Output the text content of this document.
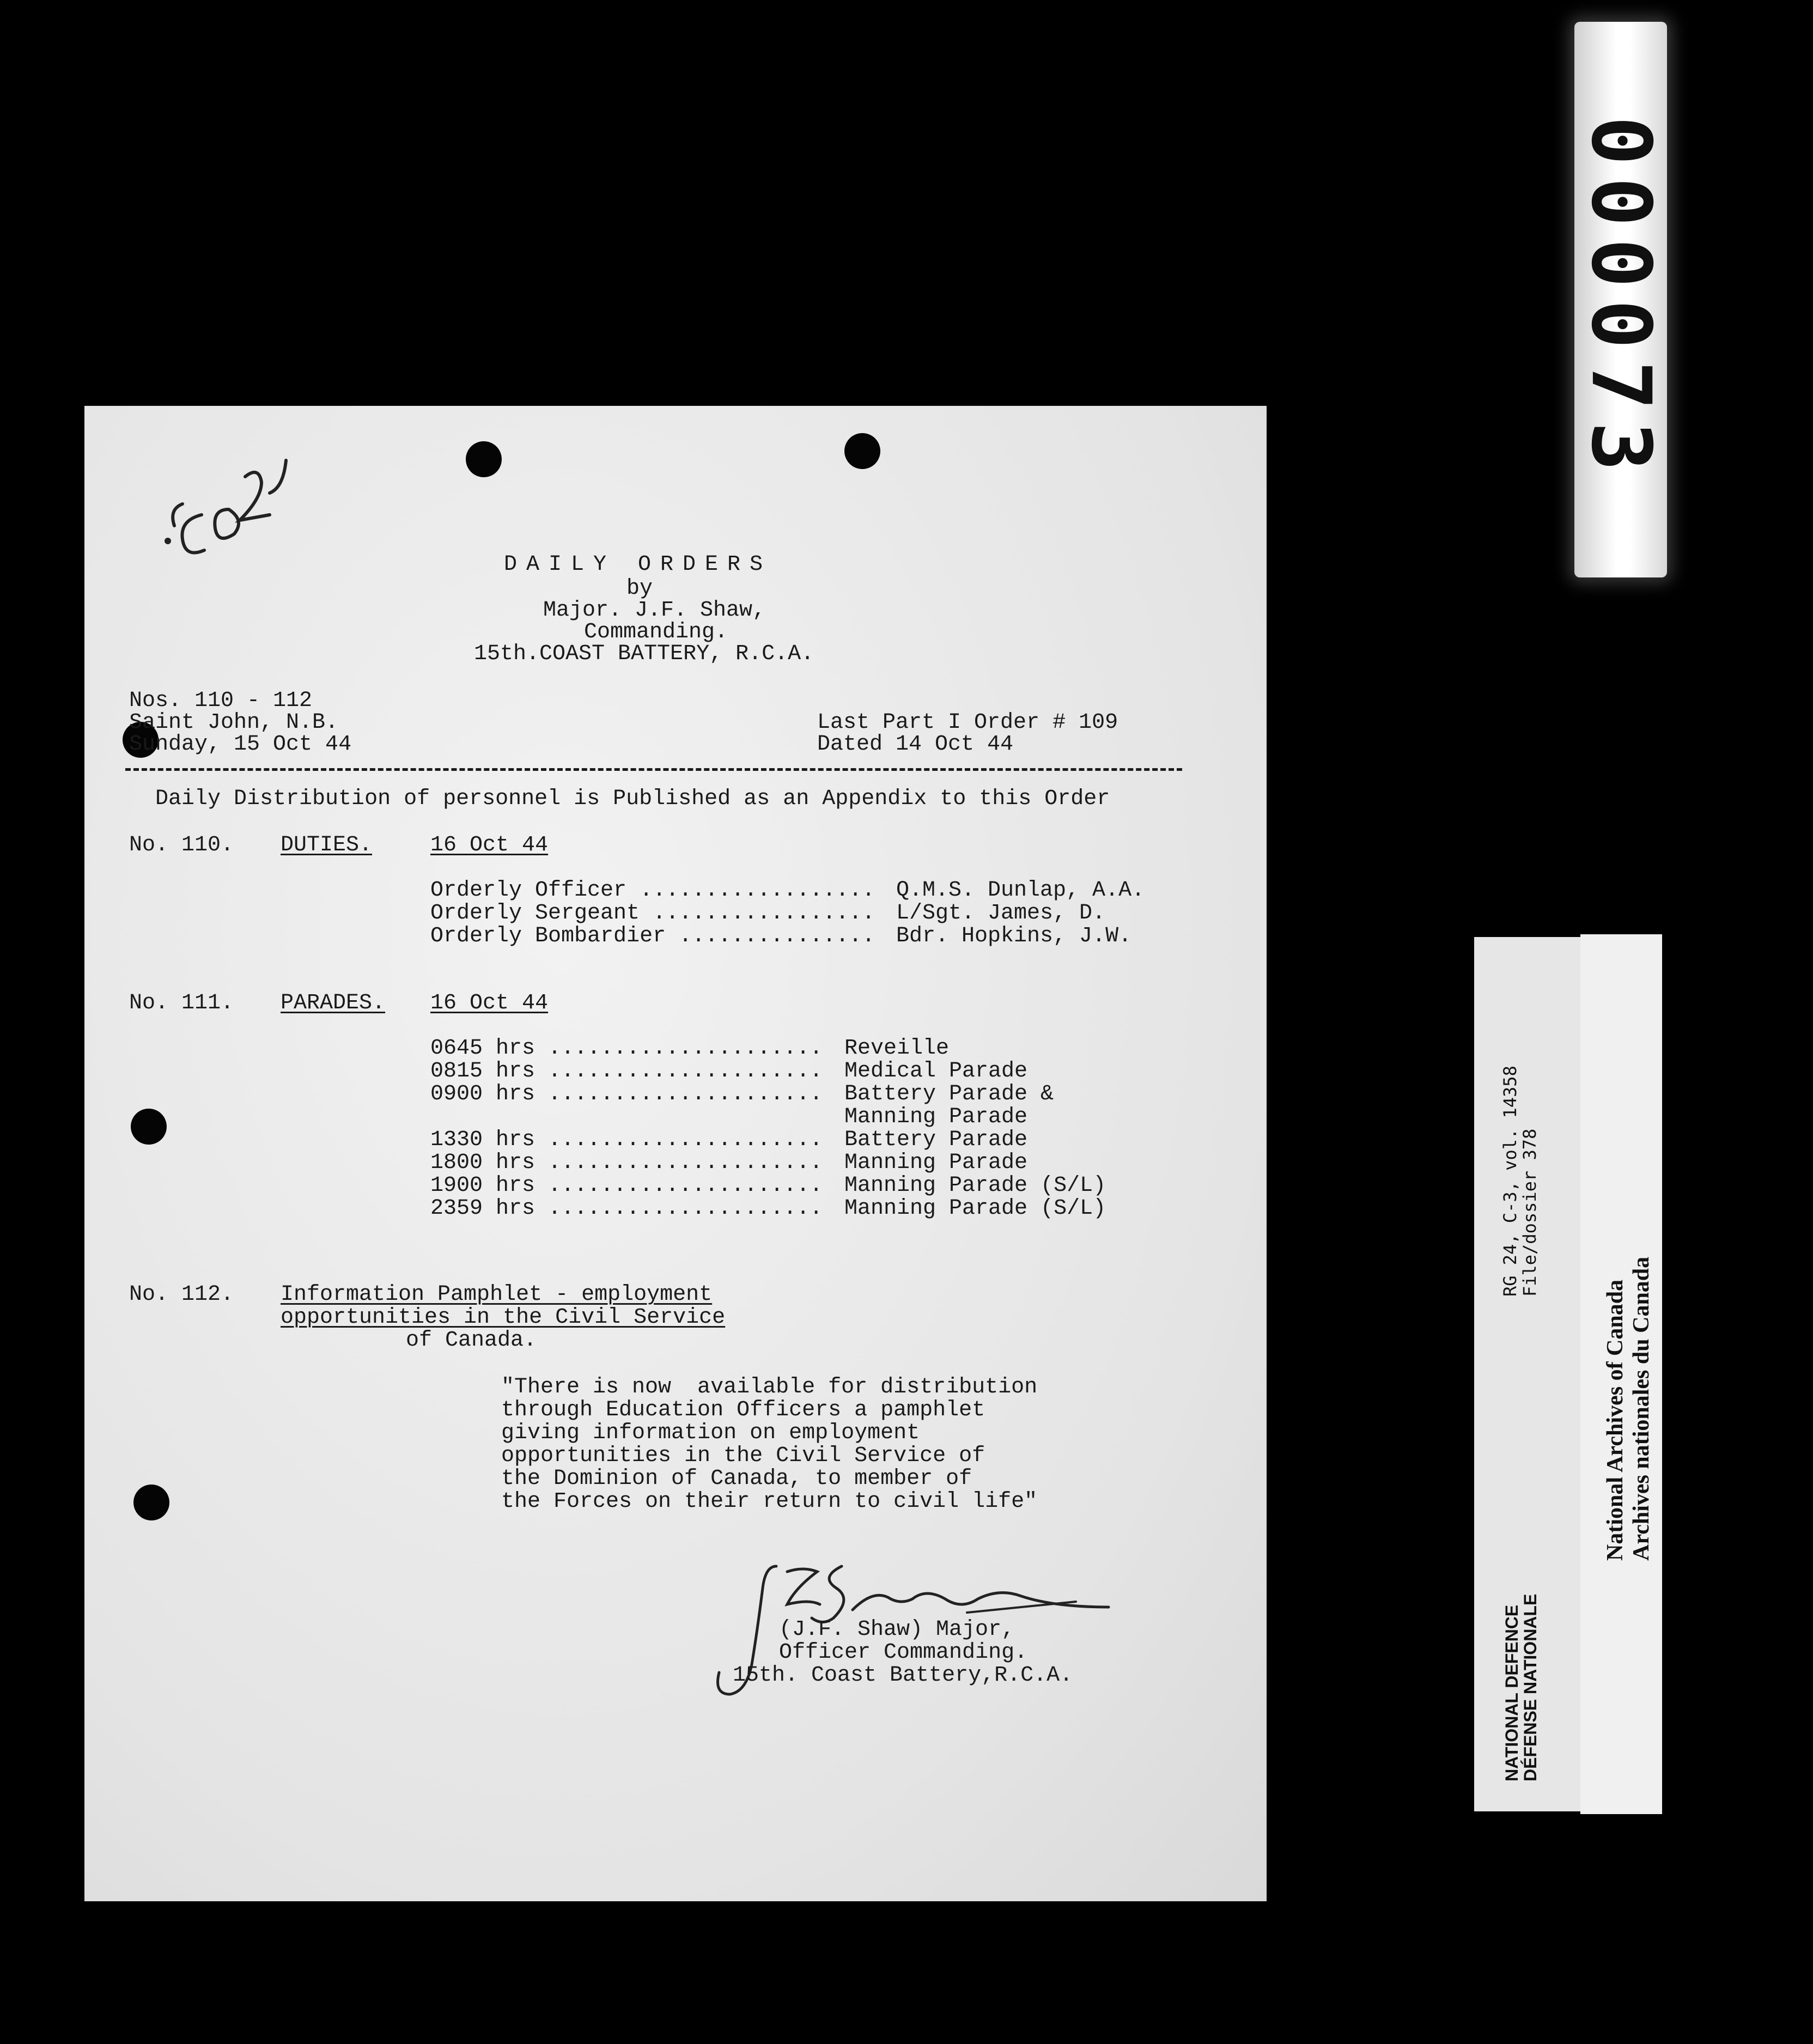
000073
NATIONAL DEFENCE
DÉFENSE NATIONALE
RG 24, C-3, vol. 14358
File/dossier 378
National Archives of Canada Archives nationales du Canada
DAILY ORDERS
by
Major. J.F. Shaw,
Commanding.
15th.COAST BATTERY, R.C.A.
Nos. 110 - 112
Saint John, N.B.
Sunday, 15 Oct 44
Last Part I Order # 109
Dated 14 Oct 44
Daily Distribution of personnel is Published as an Appendix to this Order
No. 110. DUTIES.	16 Oct 44
Orderly Officer .................. Q.M.S. Dunlap, A.A.
Orderly Sergeant ................. L/Sgt. James, D.
Orderly Bombardier ............... Bdr. Hopkins, J.W.
No. 111. PARADES. 16 Oct 44
0645 hrs ..................... Reveille
0815 hrs ..................... Medical Parade
0900 hrs ..................... Battery Parade &
Manning Parade
1330 hrs ..................... Battery Parade
1800 hrs ..................... Manning Parade
1900 hrs ..................... Manning Parade (S/L)
2359 hrs ..................... Manning Parade (S/L)
No. 112. Information Pamphlet - employment
opportunities in the Civil Service
of Canada.
"There is now  available for distribution
through Education Officers a pamphlet
giving information on employment
opportunities in the Civil Service of
the Dominion of Canada, to member of
the Forces on their return to civil life"
(J.F. Shaw) Major,
Officer Commanding.
15th. Coast Battery,R.C.A.
